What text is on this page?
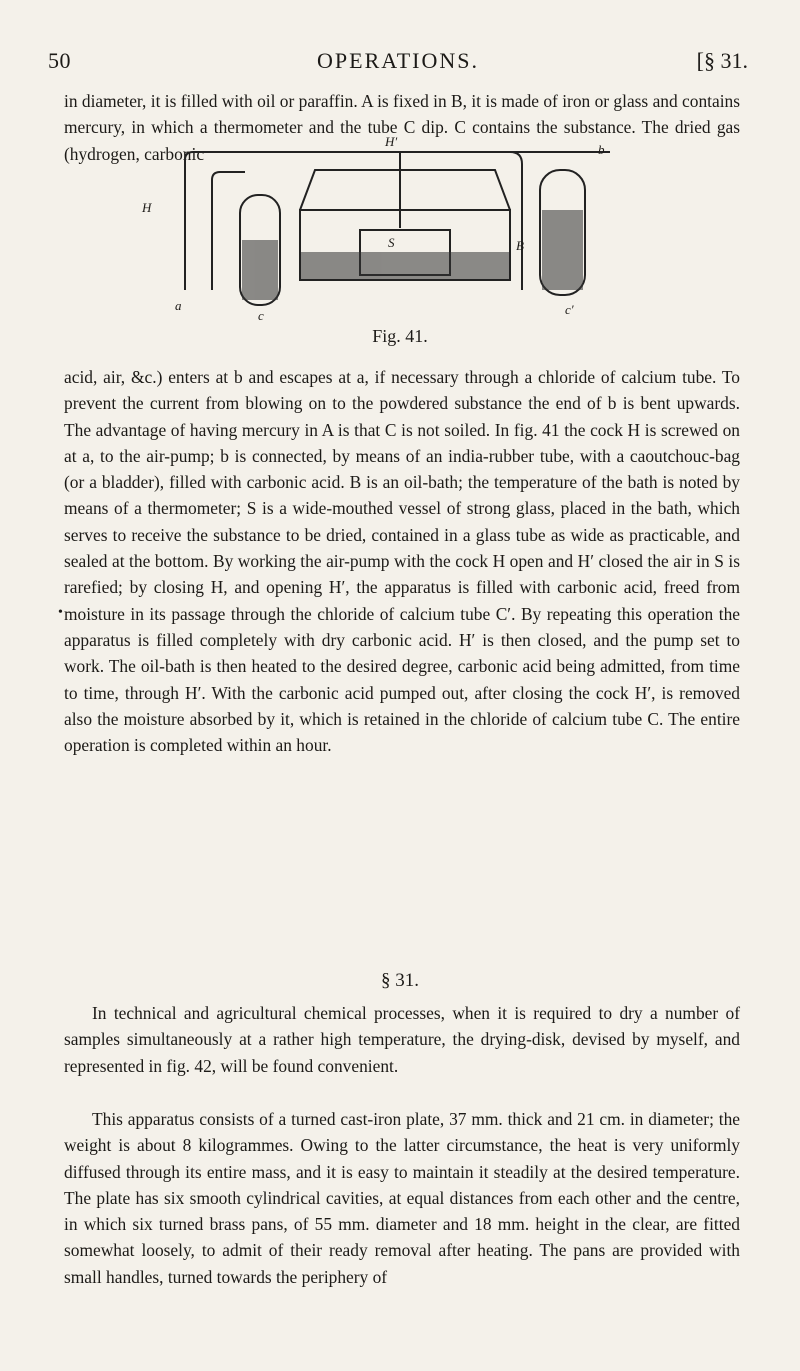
50	OPERATIONS.	[§ 31.

in diameter, it is filled with oil or paraffin. A is fixed in B, it is made of iron or glass and contains mercury, in which a thermometer and the tube C dip. C contains the substance. The dried gas (hydrogen, carbonic

H′
b
H
S	B
a
c	c′
Fig. 41.

acid, air, &c.) enters at b and escapes at a, if necessary through a chloride of calcium tube. To prevent the current from blowing on to the powdered substance the end of b is bent upwards. The advantage of having mercury in A is that C is not soiled. In fig. 41 the cock H is screwed on at a, to the air-pump; b is connected, by means of an india-rubber tube, with a caoutchouc-bag (or a bladder), filled with carbonic acid. B is an oil-bath; the temperature of the bath is noted by means of a thermometer; S is a wide-mouthed vessel of strong glass, placed in the bath, which serves to receive the substance to be dried, contained in a glass tube as wide as practicable, and sealed at the bottom. By working the air-pump with the cock H open and H′ closed the air in S is rarefied; by closing H, and opening H′, the apparatus is filled with carbonic acid, freed from moisture in its passage through the chloride of calcium tube C′. By repeating this operation the apparatus is filled completely with dry carbonic acid. H′ is then closed, and the pump set to work. The oil-bath is then heated to the desired degree, carbonic acid being admitted, from time to time, through H′. With the carbonic acid pumped out, after closing the cock H′, is removed also the moisture absorbed by it, which is retained in the chloride of calcium tube C. The entire operation is completed within an hour.

•
§ 31.

In technical and agricultural chemical processes, when it is required to dry a number of samples simultaneously at a rather high temperature, the drying-disk, devised by myself, and represented in fig. 42, will be found convenient.

This apparatus consists of a turned cast-iron plate, 37 mm. thick and 21 cm. in diameter; the weight is about 8 kilogrammes. Owing to the latter circumstance, the heat is very uniformly diffused through its entire mass, and it is easy to maintain it steadily at the desired temperature. The plate has six smooth cylindrical cavities, at equal distances from each other and the centre, in which six turned brass pans, of 55 mm. diameter and 18 mm. height in the clear, are fitted somewhat loosely, to admit of their ready removal after heating. The pans are provided with small handles, turned towards the periphery of
